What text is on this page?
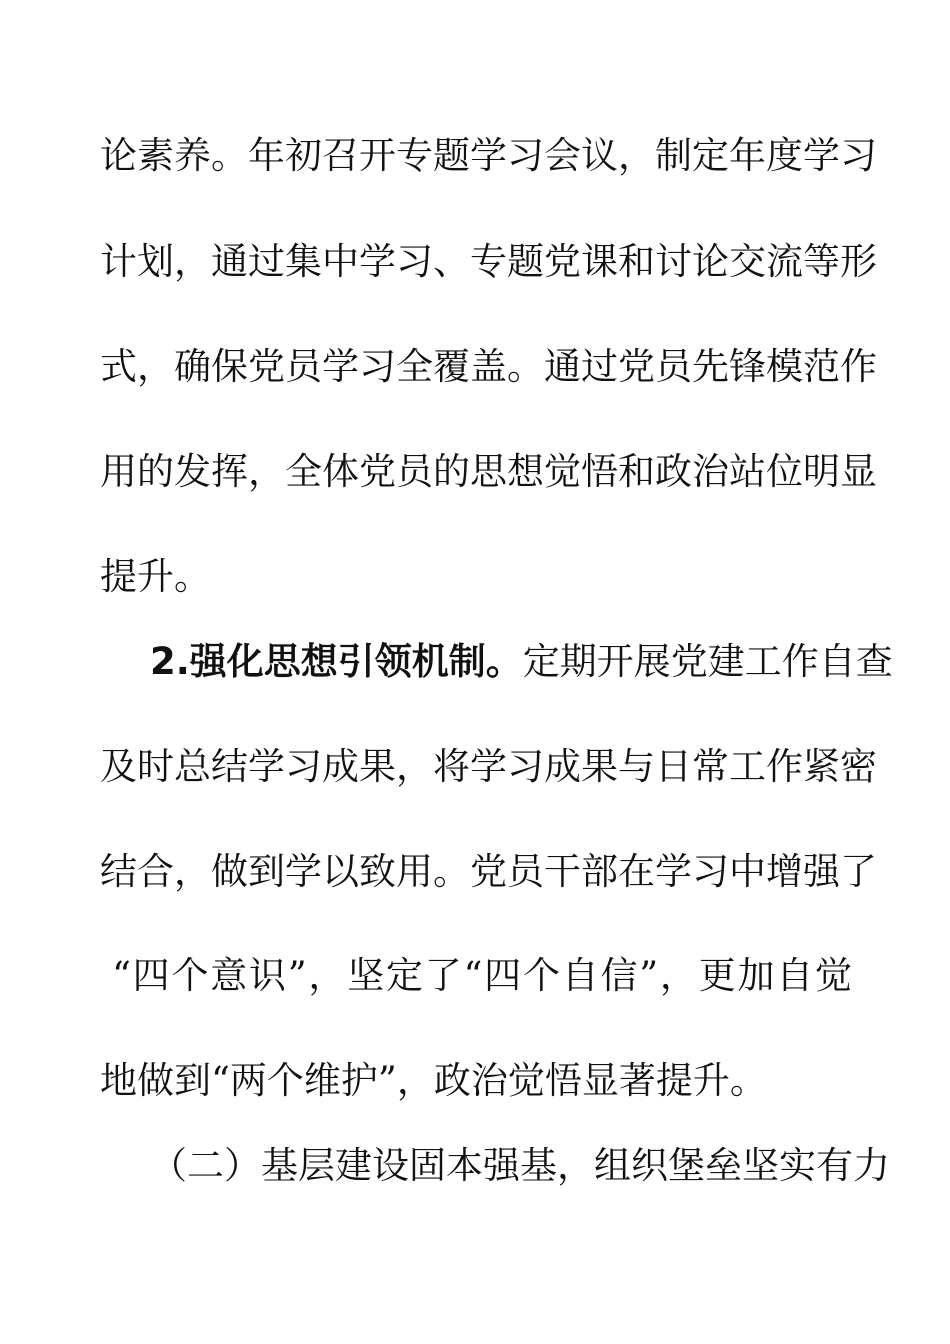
论素养。年初召开专题学习会议，制定年度学习
计划，通过集中学习、专题党课和讨论交流等形
式，确保党员学习全覆盖。通过党员先锋模范作
用的发挥，全体党员的思想觉悟和政治站位明显
提升。
2.强化思想引领机制。定期开展党建工作自查
及时总结学习成果，将学习成果与日常工作紧密
结合，做到学以致用。党员干部在学习中增强了
“四个意识”，坚定了“四个自信”，更加自觉
地做到“两个维护”，政治觉悟显著提升。
（二）基层建设固本强基，组织堡垒坚实有力
